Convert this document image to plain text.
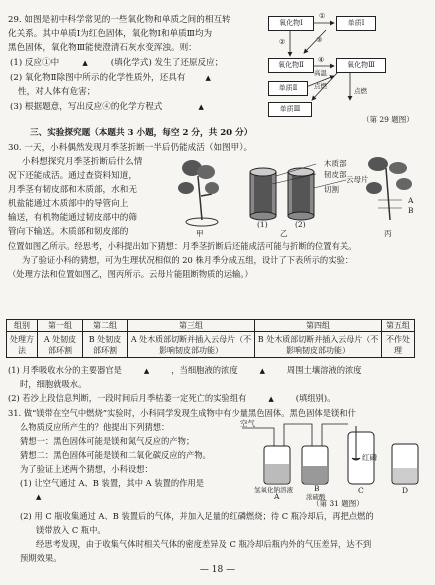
29. 如图是初中科学常见的一些氧化物和单质之间的相互转
化关系。其中单质Ⅰ为红色固体，氧化物Ⅰ和单质Ⅲ均为
黑色固体，氧化物Ⅲ能使澄清石灰水变浑浊。则：
(1) 反应①中	▲	(填化学式) 发生了还原反应；
(2) 氧化物Ⅱ除图中所示的化学性质外，还具有	▲
性，对人体有危害；
(3) 根据题意，写出反应④的化学方程式	▲
氧化物Ⅰ	单质Ⅰ
氧化物Ⅱ	氧化物Ⅲ
单质Ⅱ
单质Ⅲ
①
②	③
④
高温
点燃
点燃
（第 29 题图）
三、实验探究题（本题共 3 小题，每空 2 分，共 20 分）
30. 一天，小科偶然发现月季茎折断一半后仍能成活（如图甲）。
小科想探究月季茎折断后什么情
况下还能成活。通过查资料知道，
月季茎有韧皮部和木质部，水和无
机盐能通过木质部中的导管向上
输送，有机物能通过韧皮部中的筛
管向下输送。木质部和韧皮部的
位置如图乙所示。经思考，小科提出如下猜想：月季茎折断后还能成活可能与折断的位置有关。
为了验证小科的猜想，可为生理状况相似的 20 株月季分成五组，设计了下表所示的实验：
（处理方法和位置如图乙，图丙所示。云母片能阻断物质的运输。）
木质部
韧皮部
切割
云母片
A
B
(1)	(2)
甲	乙	丙
组别	第一组	第二组	第三组	第四组	第五组
处理方法	A 处韧皮部环割	B 处韧皮部环割	A 处木质部切断并插入云母片（不影响韧皮部功能）	B 处木质部切断并插入云母片（不影响韧皮部功能）	不作处理
(1) 月季吸收水分的主要器官是	▲	，当细胞液的浓度	▲	周围土壤溶液的浓度
时，细胞就吸水。
(2) 若沙上段信息判断，一段时间后月季枯萎一定死亡的实验组有	▲	(填组别)。
31. 做“镁带在空气中燃烧”实验时，小科同学发现生成物中有少量黑色固体。黑色固体是镁和什
么物质反应所产生的？他提出下列猜想：
猜想一：黑色固体可能是镁和氮气反应的产物；
猜想二：黑色固体可能是镁和二氧化碳反应的产物。
为了验证上述两个猜想，小科设想：
(1) 让空气通过 A、B 装置，其中 A 装置的作用是
▲
空气
红磷
氢氧化钠溶液
浓硫酸
A
B	C	D
（第 31 题图）
(2) 用 C 瓶收集通过 A、B 装置后的气体，并加入足量的红磷燃烧；待 C 瓶冷却后，再把点燃的
镁带放入 C 瓶中。
经思考发现，由于收集气体时相关气体的密度差异及 C 瓶冷却后瓶内外的气压差异，达不到
预期效果。
— 18 —
